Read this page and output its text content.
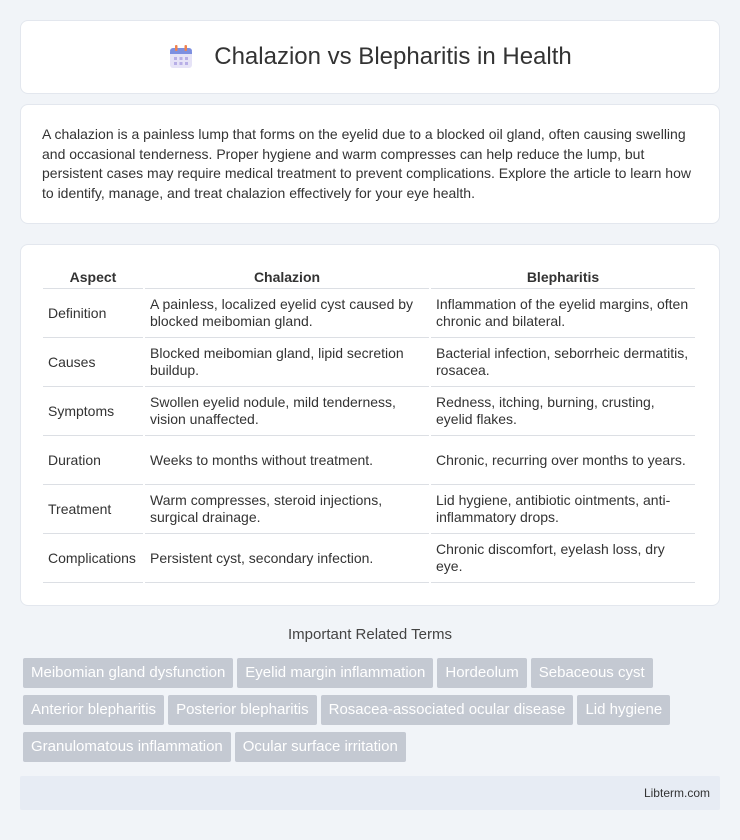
Chalazion vs Blepharitis in Health

A chalazion is a painless lump that forms on the eyelid due to a blocked oil gland, often causing swelling and occasional tenderness. Proper hygiene and warm compresses can help reduce the lump, but persistent cases may require medical treatment to prevent complications. Explore the article to learn how to identify, manage, and treat chalazion effectively for your eye health.

Aspect	Chalazion	Blepharitis
Definition	A painless, localized eyelid cyst caused by blocked meibomian gland.	Inflammation of the eyelid margins, often chronic and bilateral.
Causes	Blocked meibomian gland, lipid secretion buildup.	Bacterial infection, seborrheic dermatitis, rosacea.
Symptoms	Swollen eyelid nodule, mild tenderness, vision unaffected.	Redness, itching, burning, crusting, eyelid flakes.
Duration	Weeks to months without treatment.	Chronic, recurring over months to years.
Treatment	Warm compresses, steroid injections, surgical drainage.	Lid hygiene, antibiotic ointments, anti-inflammatory drops.
Complications	Persistent cyst, secondary infection.	Chronic discomfort, eyelash loss, dry eye.
Important Related Terms
Meibomian gland dysfunction Eyelid margin inflammation Hordeolum Sebaceous cyst
Anterior blepharitis Posterior blepharitis Rosacea-associated ocular disease Lid hygiene
Granulomatous inflammation Ocular surface irritation
Libterm.com
